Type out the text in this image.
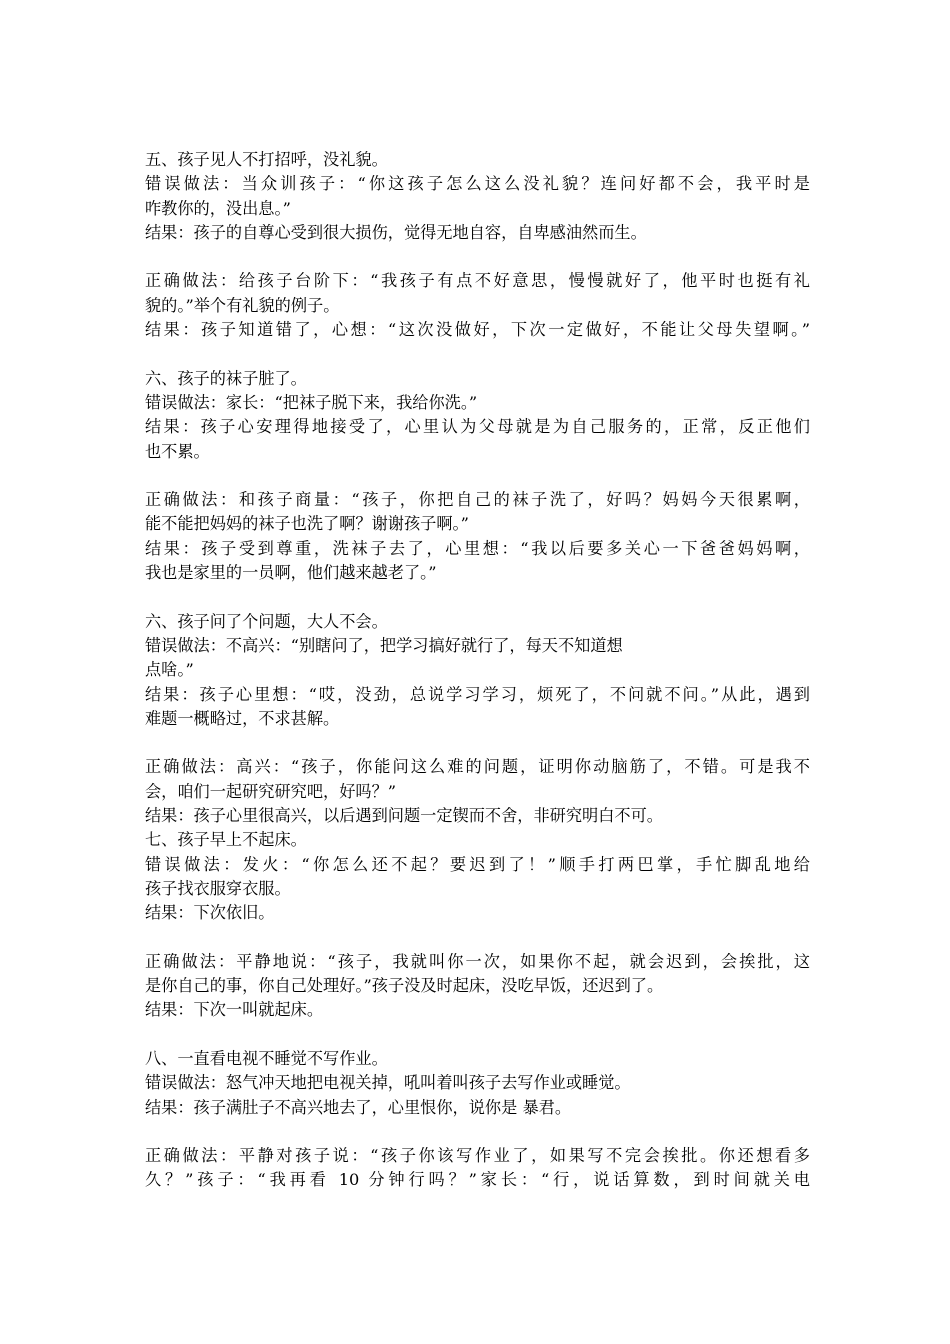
五、孩子见人不打招呼，没礼貌。
错误做法：当众训孩子：“你这孩子怎么这么没礼貌？连问好都不会，我平时是
咋教你的，没出息。”
结果：孩子的自尊心受到很大损伤，觉得无地自容，自卑感油然而生。
正确做法：给孩子台阶下：“我孩子有点不好意思，慢慢就好了，他平时也挺有礼
貌的。”举个有礼貌的例子。
结果：孩子知道错了，心想：“这次没做好，下次一定做好，不能让父母失望啊。”
六、孩子的袜子脏了。
错误做法：家长：“把袜子脱下来，我给你洗。”
结果：孩子心安理得地接受了，心里认为父母就是为自己服务的，正常，反正他们
也不累。
正确做法：和孩子商量：“孩子，你把自己的袜子洗了，好吗？妈妈今天很累啊，
能不能把妈妈的袜子也洗了啊？谢谢孩子啊。”
结果：孩子受到尊重，洗袜子去了，心里想：“我以后要多关心一下爸爸妈妈啊，
我也是家里的一员啊，他们越来越老了。”
六、孩子问了个问题，大人不会。
错误做法：不高兴：“别瞎问了，把学习搞好就行了，每天不知道想
点啥。”
结果：孩子心里想：“哎，没劲，总说学习学习，烦死了，不问就不问。”从此，遇到
难题一概略过，不求甚解。
正确做法：高兴：“孩子，你能问这么难的问题，证明你动脑筋了，不错。可是我不
会，咱们一起研究研究吧，好吗？”
结果：孩子心里很高兴，以后遇到问题一定锲而不舍，非研究明白不可。
七、孩子早上不起床。
错误做法：发火：“你怎么还不起？要迟到了！”顺手打两巴掌，手忙脚乱地给
孩子找衣服穿衣服。
结果：下次依旧。
正确做法：平静地说：“孩子，我就叫你一次，如果你不起，就会迟到，会挨批，这
是你自己的事，你自己处理好。”孩子没及时起床，没吃早饭，还迟到了。
结果：下次一叫就起床。
八、一直看电视不睡觉不写作业。
错误做法：怒气冲天地把电视关掉，吼叫着叫孩子去写作业或睡觉。
结果：孩子满肚子不高兴地去了，心里恨你，说你是 暴君。
正确做法：平静对孩子说：“孩子你该写作业了，如果写不完会挨批。你还想看多
久？”孩子：“我再看 10 分钟行吗？”家长：“行，说话算数，到时间就关电
